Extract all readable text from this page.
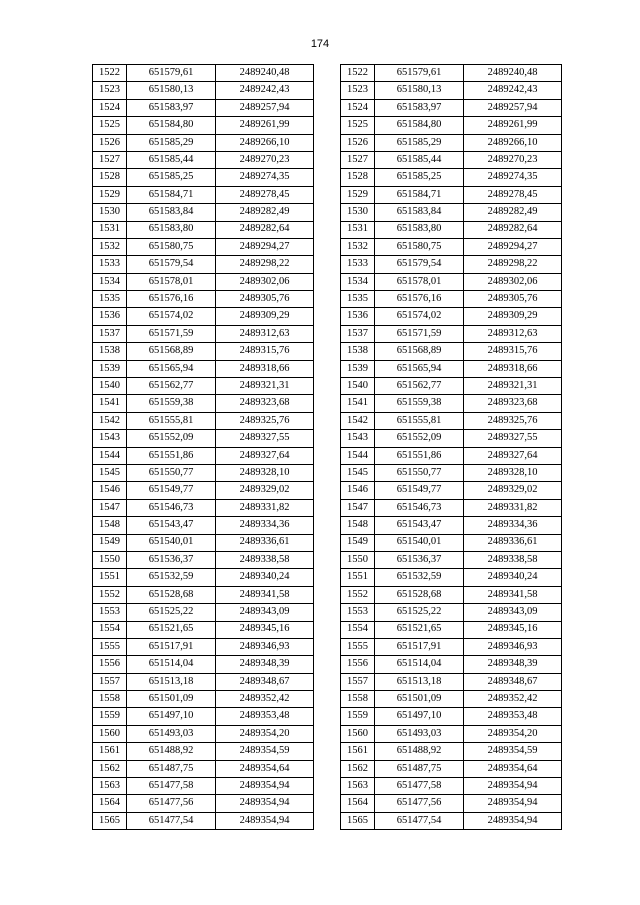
174
1522	651579,61	2489240,48
1523	651580,13	2489242,43
1524	651583,97	2489257,94
1525	651584,80	2489261,99
1526	651585,29	2489266,10
1527	651585,44	2489270,23
1528	651585,25	2489274,35
1529	651584,71	2489278,45
1530	651583,84	2489282,49
1531	651583,80	2489282,64
1532	651580,75	2489294,27
1533	651579,54	2489298,22
1534	651578,01	2489302,06
1535	651576,16	2489305,76
1536	651574,02	2489309,29
1537	651571,59	2489312,63
1538	651568,89	2489315,76
1539	651565,94	2489318,66
1540	651562,77	2489321,31
1541	651559,38	2489323,68
1542	651555,81	2489325,76
1543	651552,09	2489327,55
1544	651551,86	2489327,64
1545	651550,77	2489328,10
1546	651549,77	2489329,02
1547	651546,73	2489331,82
1548	651543,47	2489334,36
1549	651540,01	2489336,61
1550	651536,37	2489338,58
1551	651532,59	2489340,24
1552	651528,68	2489341,58
1553	651525,22	2489343,09
1554	651521,65	2489345,16
1555	651517,91	2489346,93
1556	651514,04	2489348,39
1557	651513,18	2489348,67
1558	651501,09	2489352,42
1559	651497,10	2489353,48
1560	651493,03	2489354,20
1561	651488,92	2489354,59
1562	651487,75	2489354,64
1563	651477,58	2489354,94
1564	651477,56	2489354,94
1565	651477,54	2489354,94
1522	651579,61	2489240,48
1523	651580,13	2489242,43
1524	651583,97	2489257,94
1525	651584,80	2489261,99
1526	651585,29	2489266,10
1527	651585,44	2489270,23
1528	651585,25	2489274,35
1529	651584,71	2489278,45
1530	651583,84	2489282,49
1531	651583,80	2489282,64
1532	651580,75	2489294,27
1533	651579,54	2489298,22
1534	651578,01	2489302,06
1535	651576,16	2489305,76
1536	651574,02	2489309,29
1537	651571,59	2489312,63
1538	651568,89	2489315,76
1539	651565,94	2489318,66
1540	651562,77	2489321,31
1541	651559,38	2489323,68
1542	651555,81	2489325,76
1543	651552,09	2489327,55
1544	651551,86	2489327,64
1545	651550,77	2489328,10
1546	651549,77	2489329,02
1547	651546,73	2489331,82
1548	651543,47	2489334,36
1549	651540,01	2489336,61
1550	651536,37	2489338,58
1551	651532,59	2489340,24
1552	651528,68	2489341,58
1553	651525,22	2489343,09
1554	651521,65	2489345,16
1555	651517,91	2489346,93
1556	651514,04	2489348,39
1557	651513,18	2489348,67
1558	651501,09	2489352,42
1559	651497,10	2489353,48
1560	651493,03	2489354,20
1561	651488,92	2489354,59
1562	651487,75	2489354,64
1563	651477,58	2489354,94
1564	651477,56	2489354,94
1565	651477,54	2489354,94
